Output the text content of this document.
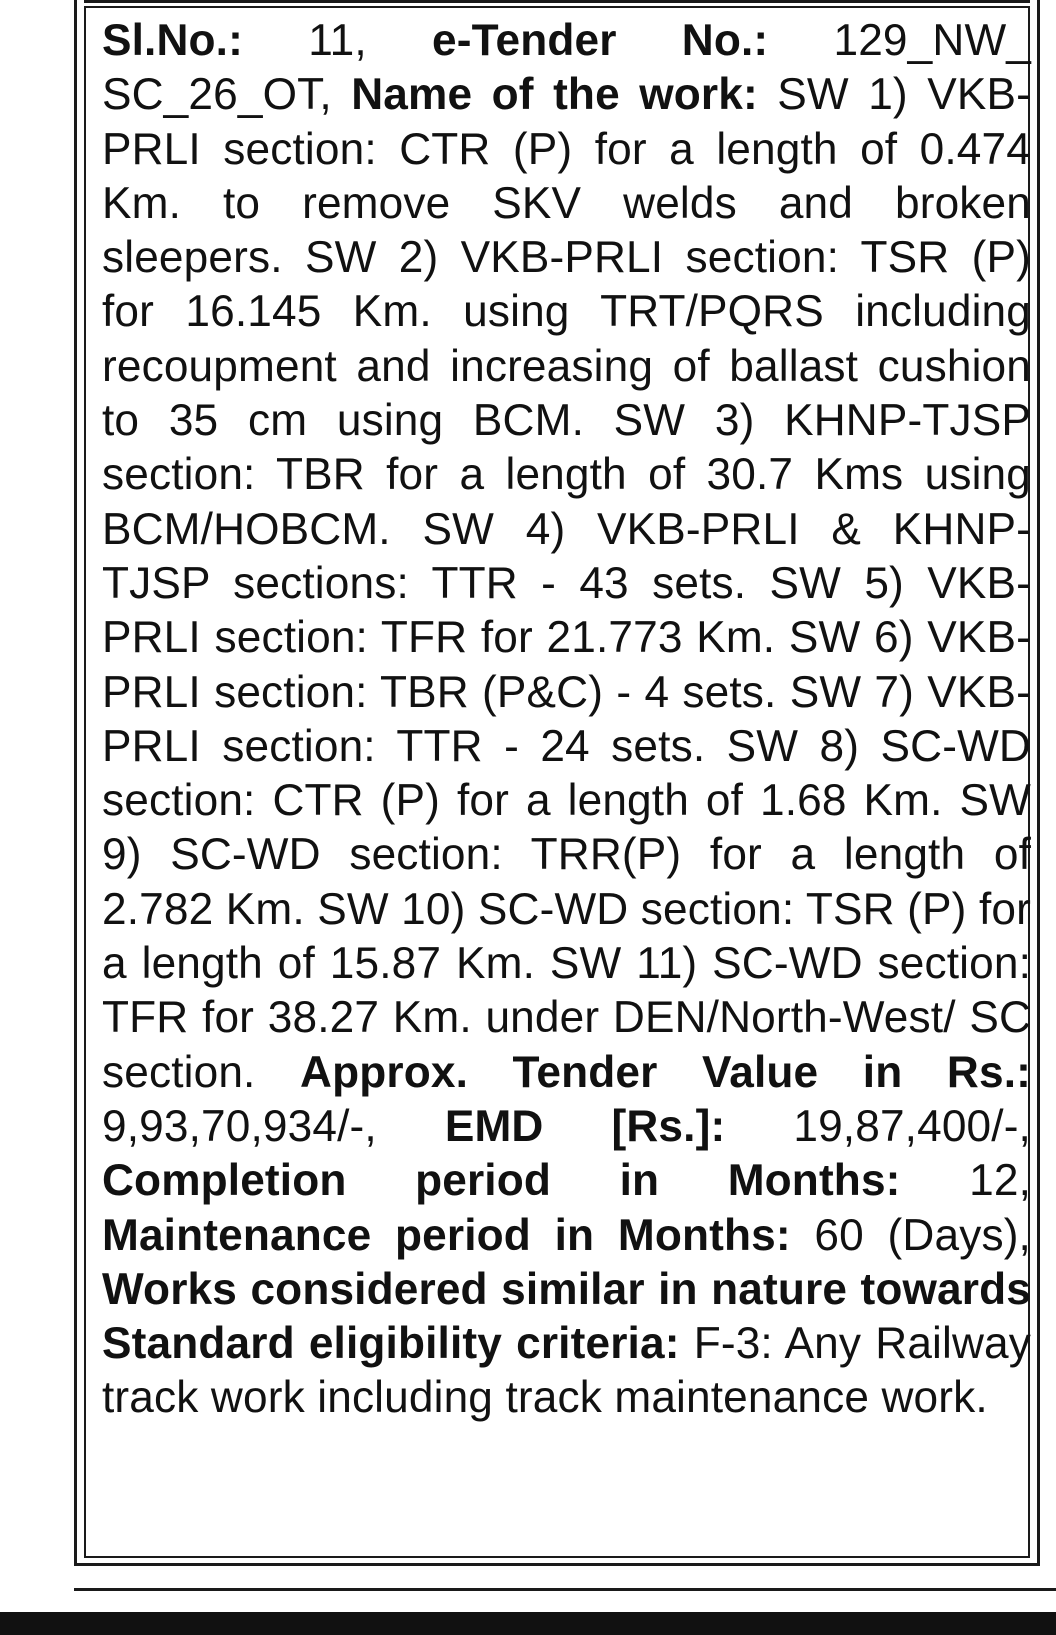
Sl.No.: 11, e-Tender No.: 129_NW_ SC_26_OT, Name of the work: SW 1) VKB-PRLI section: CTR (P) for a length of 0.474 Km. to remove SKV welds and broken sleepers. SW 2) VKB-PRLI section: TSR (P) for 16.145 Km. using TRT/PQRS including recoupment and increasing of ballast cushion to 35 cm using BCM. SW 3) KHNP-TJSP section: TBR for a length of 30.7 Kms using BCM/HOBCM. SW 4) VKB-PRLI & KHNP-TJSP sections: TTR - 43 sets. SW 5) VKB-PRLI section: TFR for 21.773 Km. SW 6) VKB-PRLI section: TBR (P&C) - 4 sets. SW 7) VKB-PRLI section: TTR - 24 sets. SW 8) SC-WD section: CTR (P) for a length of 1.68 Km. SW 9) SC-WD section: TRR(P) for a length of 2.782 Km. SW 10) SC-WD section: TSR (P) for a length of 15.87 Km. SW 11) SC-WD section: TFR for 38.27 Km. under DEN/North-West/ SC section. Approx. Tender Value in Rs.: 9,93,70,934/-, EMD [Rs.]: 19,87,400/-, Completion period in Months: 12, Maintenance period in Months: 60 (Days), Works considered similar in nature towards Standard eligibility criteria: F-3: Any Railway track work including track maintenance work.
